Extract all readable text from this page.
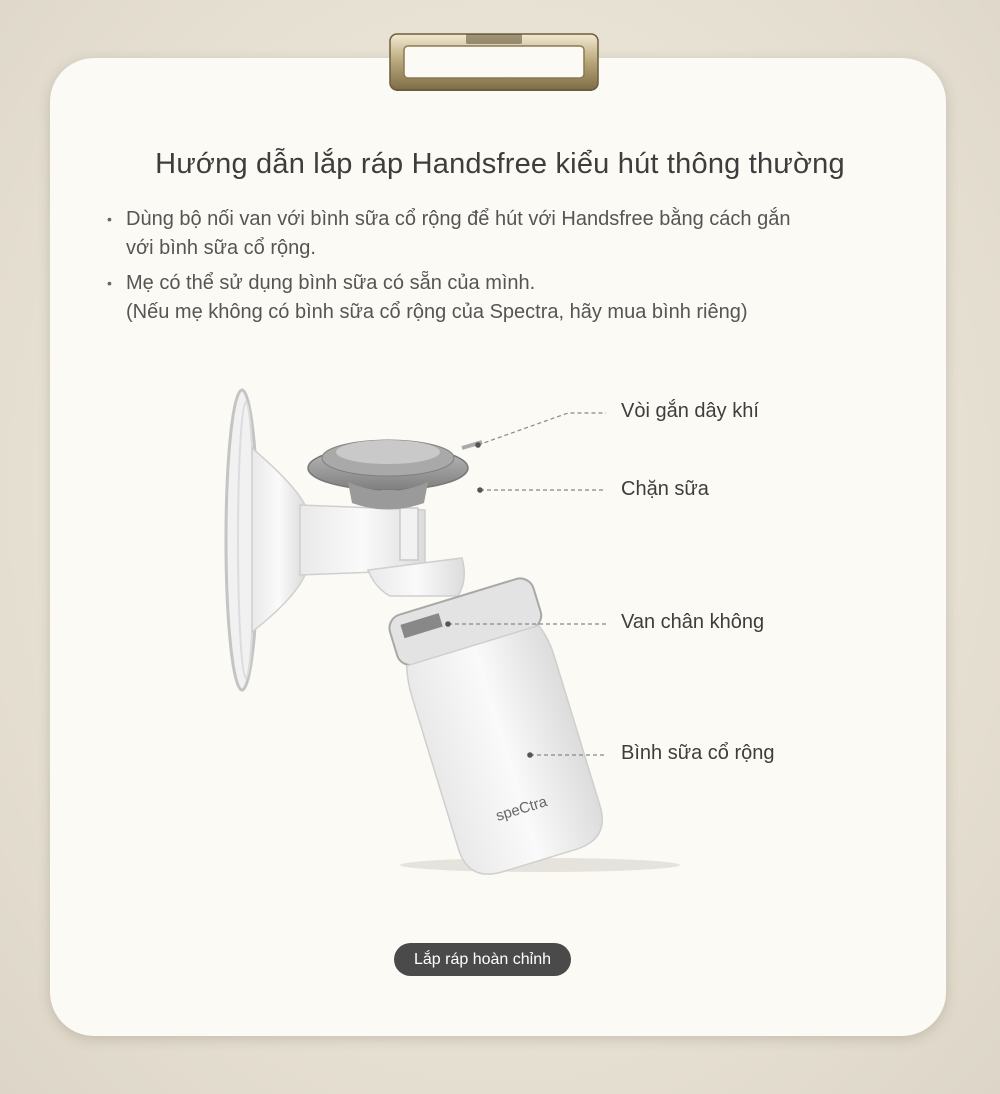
Hướng dẫn lắp ráp Handsfree kiểu hút thông thường
• Dùng bộ nối van với bình sữa cổ rộng để hút với Handsfree bằng cách gắn
với bình sữa cổ rộng.
• Mẹ có thể sử dụng bình sữa có sẵn của mình.
(Nếu mẹ không có bình sữa cổ rộng của Spectra, hãy mua bình riêng)
speCtra
Vòi gắn dây khí
Chặn sữa
Van chân không
Bình sữa cổ rộng
Lắp ráp hoàn chỉnh
